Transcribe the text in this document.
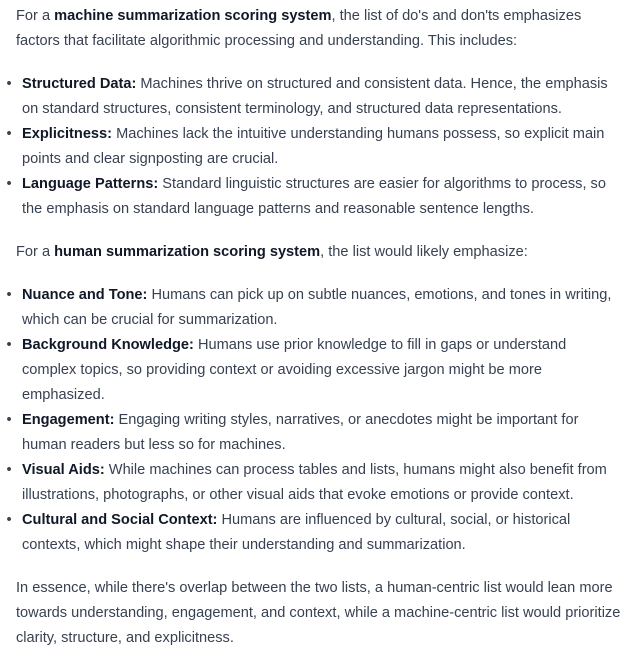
For a machine summarization scoring system, the list of do's and don'ts emphasizes factors that facilitate algorithmic processing and understanding. This includes:

• Structured Data: Machines thrive on structured and consistent data. Hence, the emphasis on standard structures, consistent terminology, and structured data representations.
• Explicitness: Machines lack the intuitive understanding humans possess, so explicit main points and clear signposting are crucial.
• Language Patterns: Standard linguistic structures are easier for algorithms to process, so the emphasis on standard language patterns and reasonable sentence lengths.

For a human summarization scoring system, the list would likely emphasize:

• Nuance and Tone: Humans can pick up on subtle nuances, emotions, and tones in writing, which can be crucial for summarization.
• Background Knowledge: Humans use prior knowledge to fill in gaps or understand complex topics, so providing context or avoiding excessive jargon might be more emphasized.
• Engagement: Engaging writing styles, narratives, or anecdotes might be important for human readers but less so for machines.
• Visual Aids: While machines can process tables and lists, humans might also benefit from illustrations, photographs, or other visual aids that evoke emotions or provide context.
• Cultural and Social Context: Humans are influenced by cultural, social, or historical contexts, which might shape their understanding and summarization.

In essence, while there's overlap between the two lists, a human-centric list would lean more towards understanding, engagement, and context, while a machine-centric list would prioritize clarity, structure, and explicitness.
